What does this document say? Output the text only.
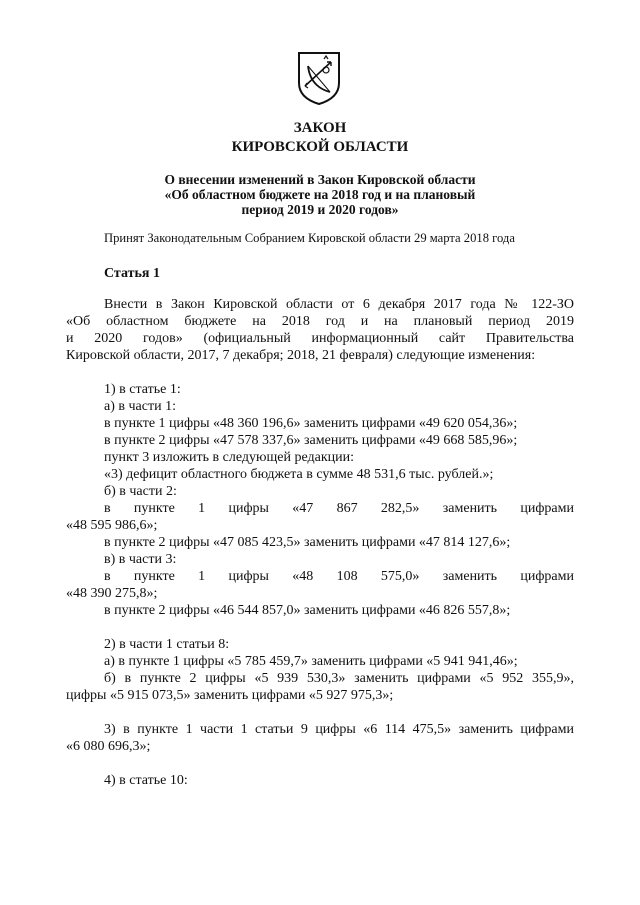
ЗАКОН
КИРОВСКОЙ ОБЛАСТИ
О внесении изменений в Закон Кировской области
«Об областном бюджете на 2018 год и на плановый
период 2019 и 2020 годов»
Принят Законодательным Собранием Кировской области 29 марта 2018 года
Статья 1

Внести в Закон Кировской области от 6 декабря 2017 года № 122-ЗО

«Об областном бюджете на 2018 год и на плановый период 2019

и 2020 годов» (официальный информационный сайт Правительства

Кировской области, 2017, 7 декабря; 2018, 21 февраля) следующие изменения:

1) в статье 1:

а) в части 1:

в пункте 1 цифры «48 360 196,6» заменить цифрами «49 620 054,36»;

в пункте 2 цифры «47 578 337,6» заменить цифрами «49 668 585,96»;

пункт 3 изложить в следующей редакции:

«3) дефицит областного бюджета в сумме 48 531,6 тыс. рублей.»;

б) в части 2:

в пункте 1 цифры «47 867 282,5» заменить цифрами

«48 595 986,6»;

в пункте 2 цифры «47 085 423,5» заменить цифрами «47 814 127,6»;

в) в части 3:

в пункте 1 цифры «48 108 575,0» заменить цифрами

«48 390 275,8»;

в пункте 2 цифры «46 544 857,0» заменить цифрами «46 826 557,8»;

2) в части 1 статьи 8:

а) в пункте 1 цифры «5 785 459,7» заменить цифрами «5 941 941,46»;

б) в пункте 2 цифры «5 939 530,3» заменить цифрами «5 952 355,9»,

цифры «5 915 073,5» заменить цифрами «5 927 975,3»;

3) в пункте 1 части 1 статьи 9 цифры «6 114 475,5» заменить цифрами

«6 080 696,3»;

4) в статье 10:
